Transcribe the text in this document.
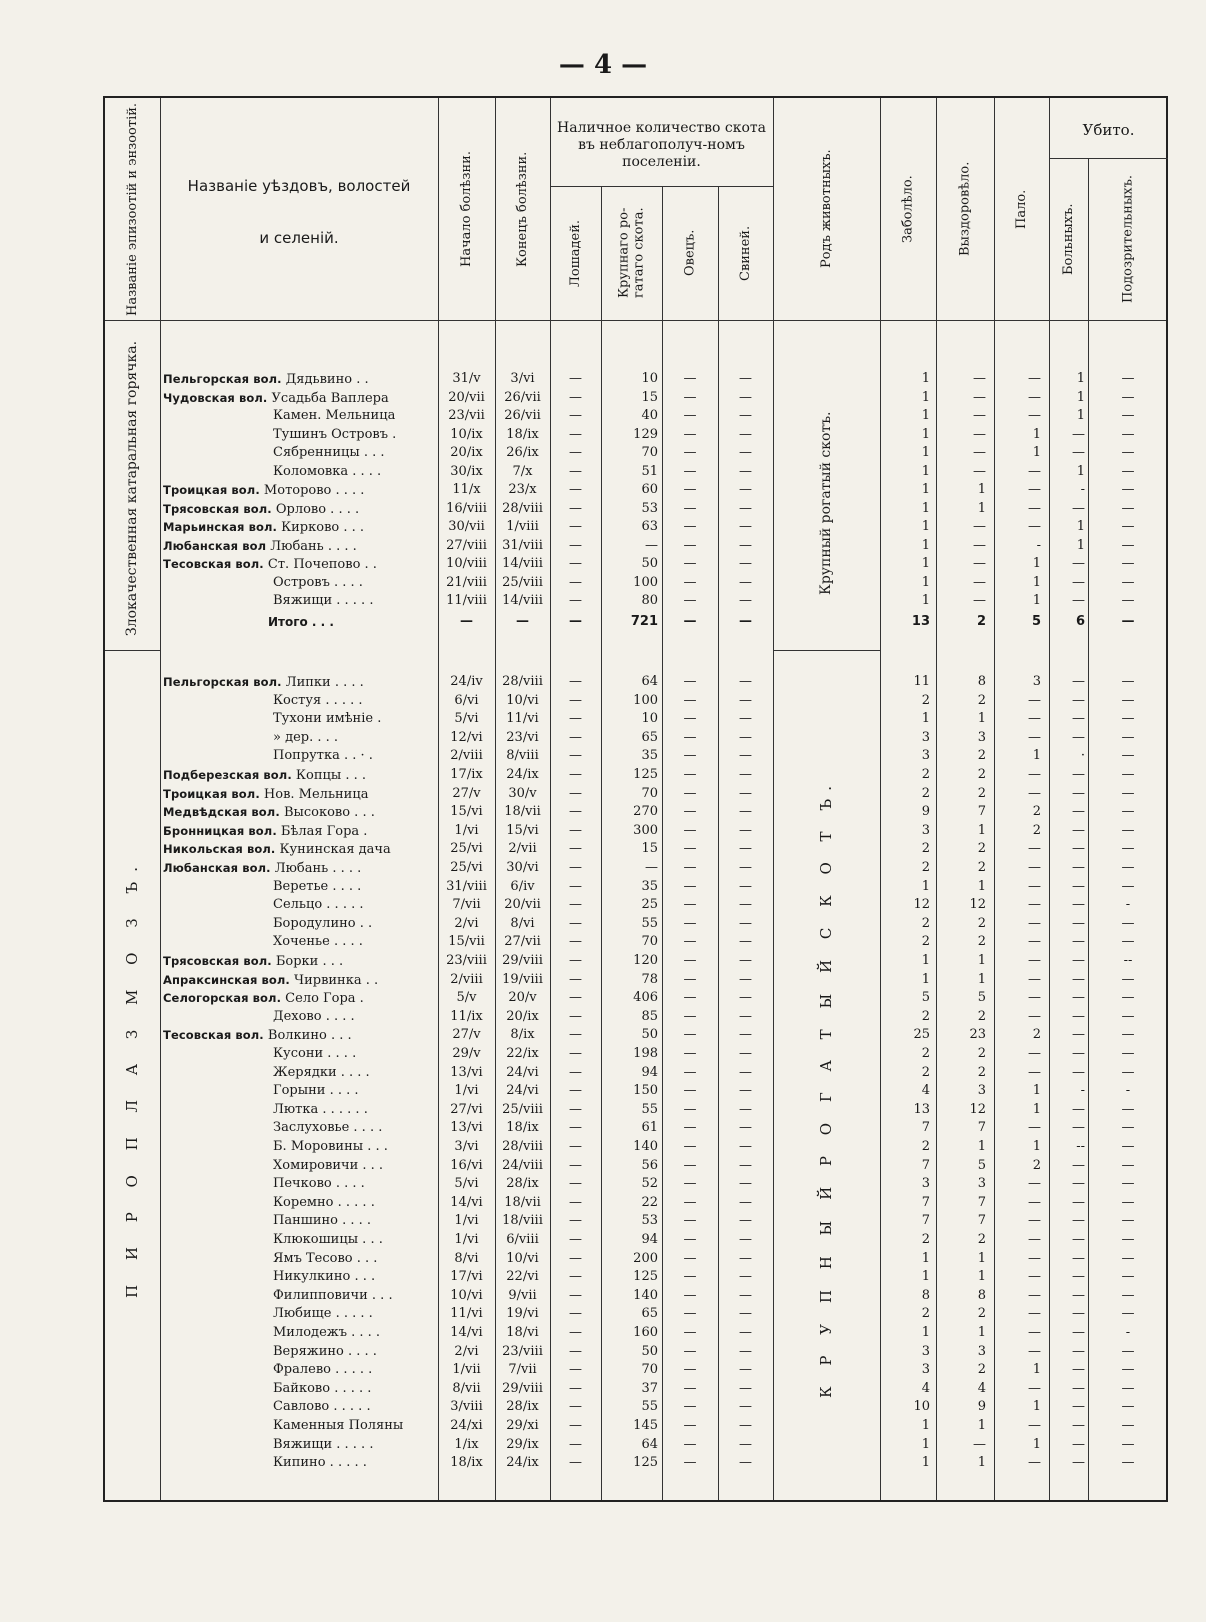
— 4 —
Названіе эпизоотій и энзоотій.	Названіе уѣздовъ, волостей
и селеній.	Начало болѣзни.	Конецъ болѣзни.
Наличное количество скота въ неблагополуч-номъ поселеніи.
Лошадей.	Крупнаго ро-гатаго скота.	Овецъ.	Свиней.	Родъ животныхъ.	Заболѣло.	Выздоровѣло.	Пало.
Убито.
Больныхъ.	Подозрительныхъ.
Злокачественная катаральная горячка.	Крупный рогатый скотъ.
П И Р О П Л А З М О З Ъ.	К Р У П Н Ы Й Р О Г А Т Ы Й С К О Т Ъ.
Пельгорская вол. Дядьвино . .	31/v	3/vi	—	10	—	—	1	—	—	1	—
Чудовская вол. Усадьба Ваплера	20/vii	26/vii	—	15	—	—	1	—	—	1	—
Камен. Мельница	23/vii	26/vii	—	40	—	—	1	—	—	1	—
Тушинъ Островъ .	10/ix	18/ix	—	129	—	—	1	—	1	—	—
Сябренницы . . .	20/ix	26/ix	—	70	—	—	1	—	1	—	—
Коломовка . . . .	30/ix	7/x	—	51	—	—	1	—	—	1	—
Троицкая вол. Моторово . . . .	11/x	23/x	—	60	—	—	1	1	—	-	—
Трясовская вол. Орлово . . . .	16/viii	28/viii	—	53	—	—	1	1	—	—	—
Марьинская вол. Кирково . . .	30/vii	1/viii	—	63	—	—	1	—	—	1	—
Любанская вол Любань . . . .	27/viii	31/viii	—	—	—	—	1	—	-	1	—
Тесовская вол. Ст. Почепово . .	10/viii	14/viii	—	50	—	—	1	—	1	—	—
Островъ . . . .	21/viii	25/viii	—	100	—	—	1	—	1	—	—
Вяжищи . . . . .	11/viii	14/viii	—	80	—	—	1	—	1	—	—
Итого . . .	—	—	—	721	—	—	13	2	5	6	—
Пельгорская вол. Липки . . . .	24/iv	28/viii	—	64	—	—	11	8	3	—	—
Костуя . . . . .	6/vi	10/vi	—	100	—	—	2	2	—	—	—
Тухони имѣніе .	5/vi	11/vi	—	10	—	—	1	1	—	—	—
» дер. . . .	12/vi	23/vi	—	65	—	—	3	3	—	—	—
Попрутка . . · .	2/viii	8/viii	—	35	—	—	3	2	1	·	—
Подберезская вол. Копцы . . .	17/ix	24/ix	—	125	—	—	2	2	—	—	—
Троицкая вол. Нов. Мельница	27/v	30/v	—	70	—	—	2	2	—	—	—
Медвѣдская вол. Высоково . . .	15/vi	18/vii	—	270	—	—	9	7	2	—	—
Бронницкая вол. Бѣлая Гора .	1/vi	15/vi	—	300	—	—	3	1	2	—	—
Никольская вол. Кунинская дача	25/vi	2/vii	—	15	—	—	2	2	—	—	—
Любанская вол. Любань . . . .	25/vi	30/vi	—	—	—	—	2	2	—	—	—
Веретье . . . .	31/viii	6/iv	—	35	—	—	1	1	—	—	—
Сельцо . . . . .	7/vii	20/vii	—	25	—	—	12	12	—	—	-
Бородулино . .	2/vi	8/vi	—	55	—	—	2	2	—	—	—
Хоченье . . . .	15/vii	27/vii	—	70	—	—	2	2	—	—	—
Трясовская вол. Борки . . .	23/viii	29/viii	—	120	—	—	1	1	—	—	--
Апраксинская вол. Чирвинка . .	2/viii	19/viii	—	78	—	—	1	1	—	—	—
Селогорская вол. Село Гора .	5/v	20/v	—	406	—	—	5	5	—	—	—
Дехово . . . .	11/ix	20/ix	—	85	—	—	2	2	—	—	—
Тесовская вол. Волкино . . .	27/v	8/ix	—	50	—	—	25	23	2	—	—
Кусони . . . .	29/v	22/ix	—	198	—	—	2	2	—	—	—
Жерядки . . . .	13/vi	24/vi	—	94	—	—	2	2	—	—	—
Горыни . . . .	1/vi	24/vi	—	150	—	—	4	3	1	-	-
Лютка . . . . . .	27/vi	25/viii	—	55	—	—	13	12	1	—	—
Заслуховье . . . .	13/vi	18/ix	—	61	—	—	7	7	—	—	—
Б. Моровины . . .	3/vi	28/viii	—	140	—	—	2	1	1	--	—
Хомировичи . . .	16/vi	24/viii	—	56	—	—	7	5	2	—	—
Печково . . . .	5/vi	28/ix	—	52	—	—	3	3	—	—	—
Коремно . . . . .	14/vi	18/vii	—	22	—	—	7	7	—	—	—
Паншино . . . .	1/vi	18/viii	—	53	—	—	7	7	—	—	—
Клюкошицы . . .	1/vi	6/viii	—	94	—	—	2	2	—	—	—
Ямъ Тесово . . .	8/vi	10/vi	—	200	—	—	1	1	—	—	—
Никулкино . . .	17/vi	22/vi	—	125	—	—	1	1	—	—	—
Филипповичи . . .	10/vi	9/vii	—	140	—	—	8	8	—	—	—
Любище . . . . .	11/vi	19/vi	—	65	—	—	2	2	—	—	—
Милодежъ . . . .	14/vi	18/vi	—	160	—	—	1	1	—	—	-
Веряжино . . . .	2/vi	23/viii	—	50	—	—	3	3	—	—	—
Фралево . . . . .	1/vii	7/vii	—	70	—	—	3	2	1	—	—
Байково . . . . .	8/vii	29/viii	—	37	—	—	4	4	—	—	—
Савлово . . . . .	3/viii	28/ix	—	55	—	—	10	9	1	—	—
Каменныя Поляны	24/xi	29/xi	—	145	—	—	1	1	—	—	—
Вяжищи . . . . .	1/ix	29/ix	—	64	—	—	1	—	1	—	—
Кипино . . . . .	18/ix	24/ix	—	125	—	—	1	1	—	—	—
